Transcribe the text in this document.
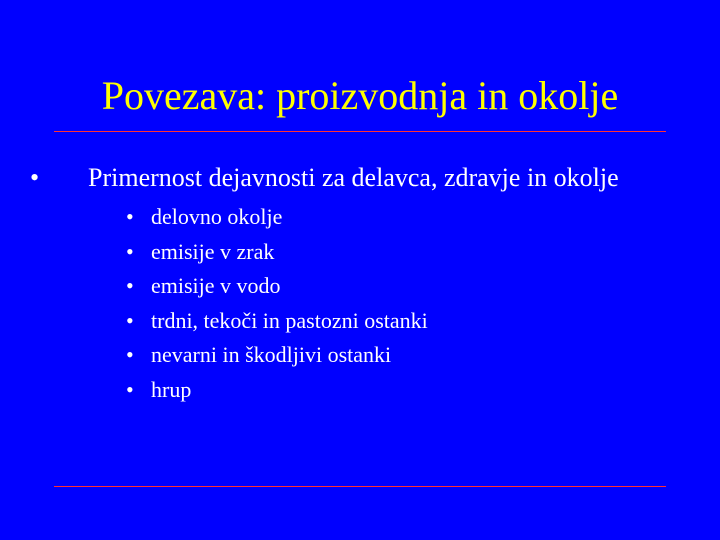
Povezava: proizvodnja in okolje
• Primernost dejavnosti za delavca, zdravje in okolje
• delovno okolje
• emisije v zrak
• emisije v vodo
• trdni, tekoči in pastozni ostanki
• nevarni in škodljivi ostanki
• hrup
